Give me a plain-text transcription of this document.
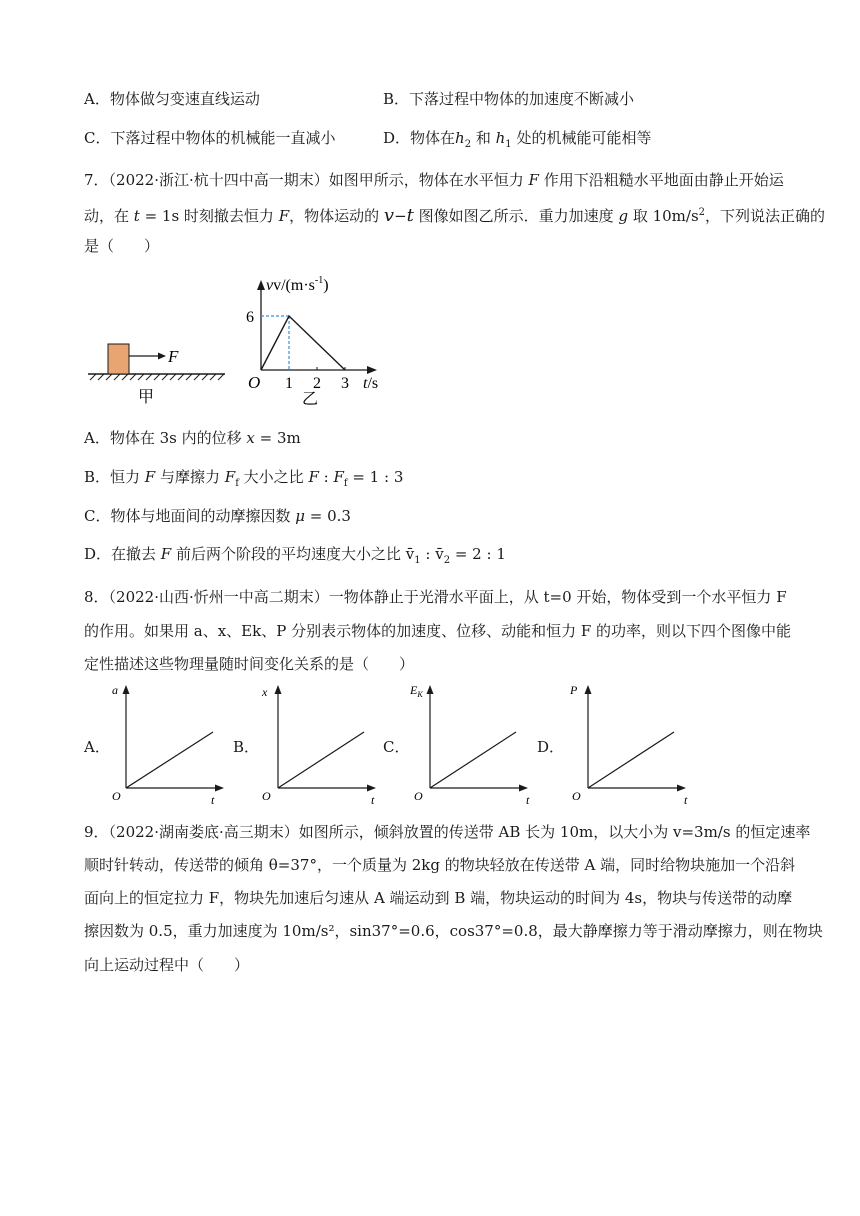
A．物体做匀变速直线运动	B．下落过程中物体的加速度不断减小
C．下落过程中物体的机械能一直减小	D．物体在$h_2$ 和 $h_1$ 处的机械能可能相等
7．（2022·浙江·杭十四中高一期末）如图甲所示，物体在水平恒力 F 作用下沿粗糙水平地面由静止开始运
动，在 t = 1s 时刻撤去恒力 F，物体运动的 v−t 图像如图乙所示．重力加速度 g 取 $10m/s^2$，下列说法正确的
是（　　）
F
甲
$vv/(m\cdot s^{-1})$
6
O 1 2 3 t/s
乙
A．物体在 3s 内的位移 x = 3m
B．恒力 F 与摩擦力 $F_f$ 大小之比 F : $F_f = 1$ : 3
C．物体与地面间的动摩擦因数 μ = 0.3
D．在撤去 F 前后两个阶段的平均速度大小之比 $v̄_1$ : $v̄_2 = 2$ : 1
8．（2022·山西·忻州一中高二期末）一物体静止于光滑水平面上，从 t=0 开始，物体受到一个水平恒力 F
的作用。如果用 a、x、Ek、P 分别表示物体的加速度、位移、动能和恒力 F 的功率，则以下四个图像中能
定性描述这些物理量随时间变化关系的是（　　）
A．
a
O	t
B．
x
O	t
C．
$E_K$
O	t
D．
P
O	t
9．（2022·湖南娄底·高三期末）如图所示，倾斜放置的传送带 AB 长为 10m，以大小为 v=3m/s 的恒定速率
顺时针转动，传送带的倾角 θ=37°，一个质量为 2kg 的物块轻放在传送带 A 端，同时给物块施加一个沿斜
面向上的恒定拉力 F，物块先加速后匀速从 A 端运动到 B 端，物块运动的时间为 4s，物块与传送带的动摩
擦因数为 0.5，重力加速度为 10m/s²，sin37°=0.6，cos37°=0.8，最大静摩擦力等于滑动摩擦力，则在物块
向上运动过程中（　　）
